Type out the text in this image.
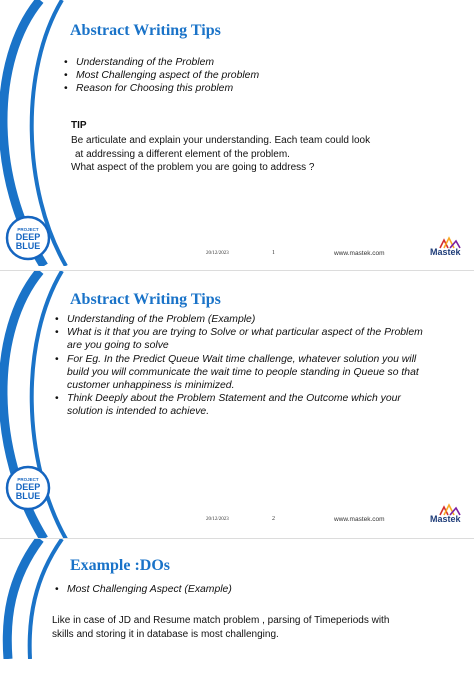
Abstract Writing Tips
• Understanding of the Problem
• Most Challenging aspect of the problem
• Reason for Choosing this problem
TIP
Be articulate and explain your understanding. Each team could look
at addressing a different element of the problem.
What aspect of the problem you are going to address ?
PROJECT
DEEP
BLUE
20/12/2023	1	www.mastek.com	Mastek
Abstract Writing Tips
• Understanding of the Problem (Example)
• What is it that you are trying to Solve or what particular aspect of the Problem are you going to solve
• For Eg. In the Predict Queue Wait time challenge, whatever solution you will build you will communicate the wait time to people standing in Queue so that customer unhappiness is minimized.
• Think Deeply about the Problem Statement and the Outcome which your solution is intended to achieve.
PROJECT
DEEP
BLUE
20/12/2023	2	www.mastek.com	Mastek
Example :DOs
• Most Challenging Aspect (Example)
Like in case of JD and Resume match problem , parsing of Timeperiods with
skills and storing it in database is most challenging.
